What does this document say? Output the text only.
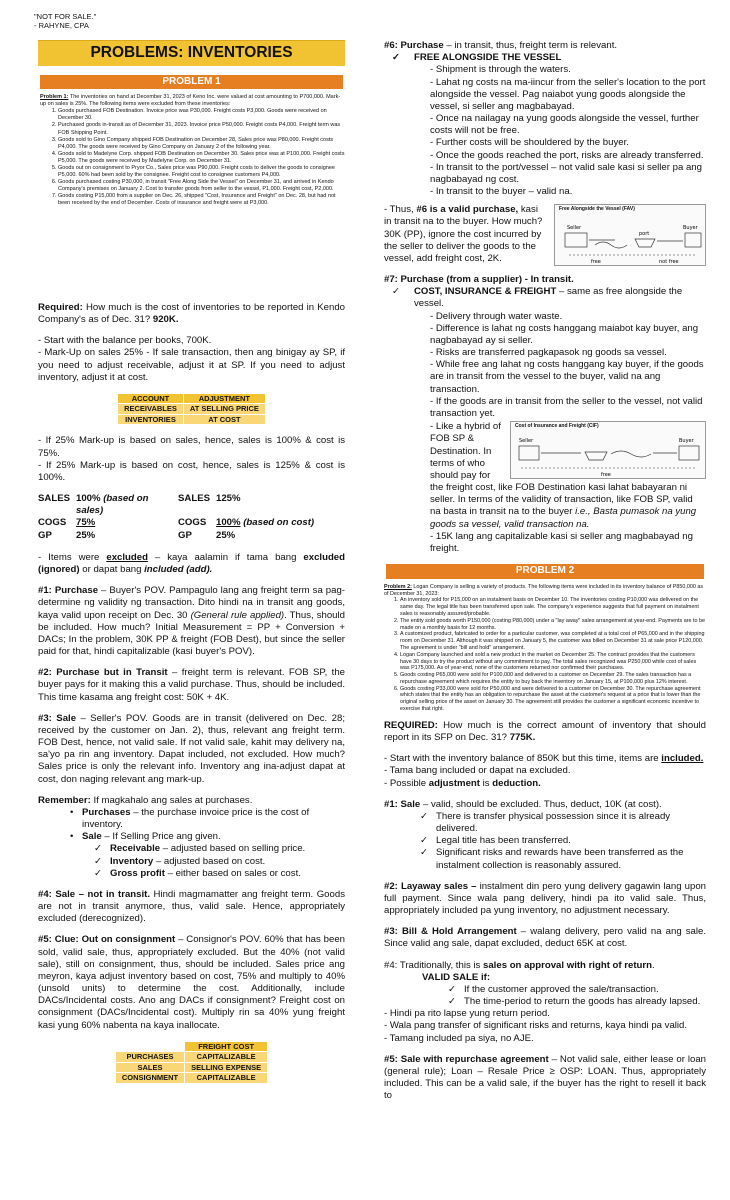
"NOT FOR SALE."
- RAHYNE, CPA
PROBLEMS: INVENTORIES
PROBLEM 1
Problem 1: The inventories on hand at December 31, 2023 of Keno Inc. were valued at cost amounting to P700,000. Mark-up on sales is 25%. The following items were excluded from these inventories:
1. Goods purchased FOB Destination. Invoice price was P30,000. Freight costs P3,000. Goods were received on December 30.
2. Purchased goods in-transit as of December 31, 2023. Invoice price P50,000. Freight costs P4,000. Freight term was FOB Shipping Point.
3. Goods sold to Gino Company shipped FOB Destination on December 28, Sales price was P80,000. Freight costs P4,000. The goods were received by Gino Company on January 2 of the following year.
4. Goods sold to Madelyne Corp. shipped FOB Destination on December 30. Sales price was at P100,000. Freight costs P5,000. The goods were received by Madelyne Corp. on December 31.
5. Goods out on consignment to Pryor Co., Sales price was P90,000. Freight costs to deliver the goods to consignee P5,000. 60% had been sold by the consignee. Freight cost to consignee customers P4,000.
6. Goods purchased costing P30,000, in transit "Free Along Side the Vessel" on December 31, and arrived in Kendo Company's premises on January 2. Cost to transfer goods from seller to the vessel, P1,000. Freight cost, P2,000.
7. Goods costing P15,000 from a supplier on Dec. 26, shipped "Cost, Insurance and Freight" on Dec. 28, but had not been received by the end of December. Costs of insurance and freight were at P3,000.

Required: How much is the cost of inventories to be reported in Kendo Company's as of Dec. 31? 920K.

- Start with the balance per books, 700K.

- Mark-Up on sales 25% - If sale transaction, then ang binigay ay SP, if you need to adjust receivable, adjust it at SP. If you need to adjust inventory, adjust it at cost.

ACCOUNT	ADJUSTMENT
RECEIVABLES	AT SELLING PRICE
INVENTORIES	AT COST

- If 25% Mark-up is based on sales, hence, sales is 100% & cost is 75%.

- If 25% Mark-up is based on cost, hence, sales is 125% & cost is 100%.

SALES	100% (based on sales)	SALES	125%
COGS	75%	COGS	100% (based on cost)
GP	25%	GP	25%

- Items were excluded – kaya aalamin if tama bang excluded (ignored) or dapat bang included (add).

#1: Purchase – Buyer's POV. Pampagulo lang ang freight term sa pag-determine ng validity ng transaction. Dito hindi na in transit ang goods, kaya valid upon receipt on Dec. 30 (General rule applied). Thus, should be included. How much? Initial Measurement = PP + Conversion + DACs; In the problem, 30K PP & freight (FOB Dest), but since the seller paid for that, hindi capitalizable (kasi buyer's POV).

#2: Purchase but in Transit – freight term is relevant. FOB SP, the buyer pays for it making this a valid purchase. Thus, should be included. This time kasama ang freight cost: 50K + 4K.

#3: Sale – Seller's POV. Goods are in transit (delivered on Dec. 28; received by the customer on Jan. 2), thus, relevant ang freight term. FOB Dest, hence, not valid sale. If not valid sale, kahit may delivery na, sa'yo pa rin ang inventory. Dapat included, not excluded. How much? Sales price is only the relevant info. Inventory ang ina-adjust dapat at cost, don naging relevant ang mark-up.

Remember: If magkahalo ang sales at purchases.

• Purchases – the purchase invoice price is the cost of inventory.
• Sale – If Selling Price ang given.
✓ Receivable – adjusted based on selling price.
✓ Inventory – adjusted based on cost.
✓ Gross profit – either based on sales or cost.

#4: Sale – not in transit. Hindi magmamatter ang freight term. Goods are not in transit anymore, thus, valid sale. Hence, appropriately excluded (derecognized).

#5: Clue: Out on consignment – Consignor's POV. 60% that has been sold, valid sale, thus, appropriately excluded. But the 40% (not valid sale), still on consignment, thus, should be included. Sales price ang meyron, kaya adjust inventory based on cost, 75% and multiply to 40% (unsold units) to determine the cost. Additionally, include DACs/Incidental costs. Ano ang DACs if consignment? Freight cost on consignment (DACs/Incidental cost). Multiply rin sa 40% yung freight kasi yung 60% nabenta na kaya inallocate.

	FREIGHT COST
PURCHASES	CAPITALIZABLE
SALES	SELLING EXPENSE
CONSIGNMENT	CAPITALIZABLE
#6: Purchase – in transit, thus, freight term is relevant.
✓ FREE ALONGSIDE THE VESSEL
- Shipment is through the waters.
- Lahat ng costs na ma-iincur from the seller's location to the port alongside the vessel. Pag naiabot yung goods alongside the vessel, si seller ang magbabayad.
- Once na nailagay na yung goods alongside the vessel, further costs will not be free.
- Further costs will be shouldered by the buyer.
- Once the goods reached the port, risks are already transferred.
- In transit to the port/vessel – not valid sale kasi si seller pa ang nagbabayad ng cost.
- In transit to the buyer – valid na.
Free Alongside the Vessel (FAV)
Seller
port
Buyer
free	not free
- Thus, #6 is a valid purchase, kasi in transit na to the buyer. How much? 30K (PP), ignore the cost incurred by the seller to deliver the goods to the vessel, add freight cost, 2K.
#7: Purchase (from a supplier) - In transit.
✓ COST, INSURANCE & FREIGHT – same as free alongside the vessel.
- Delivery through water waste.
- Difference is lahat ng costs hanggang maiabot kay buyer, ang nagbabayad ay si seller.
- Risks are transferred pagkapasok ng goods sa vessel.
- While free ang lahat ng costs hanggang kay buyer, if the goods are in transit from the vessel to the buyer, valid na ang transaction.
- If the goods are in transit from the seller to the vessel, not valid transaction yet.
Cost of Insurance and Freight (CIF)
Seller	Buyer
free
- Like a hybrid of FOB SP & Destination. In terms of who should pay for the freight cost, like FOB Destination kasi lahat babayaran ni seller. In terms of the validity of transaction, like FOB SP, valid na basta in transit na to the buyer i.e., Basta pumasok na yung goods sa vessel, valid transaction na.
- 15K lang ang capitalizable kasi si seller ang magbabayad ng freight.
PROBLEM 2
Problem 2: Logan Company is selling a variety of products. The following items were included in its inventory balance of P850,000 as of December 31, 2023:
1. An inventory sold for P15,000 on an instalment basis on December 10. The inventories costing P10,000 was delivered on the same day. The legal title has been transferred upon sale. The company's experience suggests that full payment on instalment sales is reasonably assured/probable.
2. The entity sold goods worth P150,000 (costing P80,000) under a "lay away" sales arrangement at year-end. Payments are to be made on a monthly basis for 12 months.
3. A customized product, fabricated to order for a particular customer, was completed at a total cost of P65,000 and in the shipping room on December 31. Although it was shipped on January 5, the customer was billed on December 31 at sale price P120,000. The agreement is under "bill and hold" arrangement.
4. Logan Company launched and sold a new product in the market on December 25. The contract provides that the customers have 30 days to try the product without any commitment to pay. The total sales recognized was P250,000 while cost of sales was P175,000. As of year-end, none of the customers returned nor confirmed their purchases.
5. Goods costing P65,000 were sold for P100,000 and delivered to a customer on December 29. The sales transaction has a repurchase agreement which requires the entity to buy back the inventory on January 15, at P100,000 plus 12% interest.
6. Goods costing P33,000 were sold for P50,000 and were delivered to a customer on December 30. The repurchase agreement which states that the entity has an obligation to repurchase the asset at the customer's request at a price that is lower than the original selling price of the asset on January 30. The agreement still provides the customer a significant economic incentive to exercise that right.

REQUIRED: How much is the correct amount of inventory that should report in its SFP on Dec. 31? 775K.

- Start with the inventory balance of 850K but this time, items are included.
- Tama bang included or dapat na excluded.

- Possible adjustment is deduction.

#1: Sale – valid, should be excluded. Thus, deduct, 10K (at cost).
✓ There is transfer physical possession since it is already delivered.
✓ Legal title has been transferred.
✓ Significant risks and rewards have been transferred as the instalment collection is reasonably assured.

#2: Layaway sales – instalment din pero yung delivery gagawin lang upon full payment. Since wala pang delivery, hindi pa ito valid sale. Thus, appropriately included pa yung inventory, no adjustment necessary.

#3: Bill & Hold Arrangement – walang delivery, pero valid na ang sale. Since valid ang sale, dapat excluded, deduct 65K at cost.

#4: Traditionally, this is sales on approval with right of return.
VALID SALE if:
✓ If the customer approved the sale/transaction.
✓ The time-period to return the goods has already lapsed.
- Hindi pa rito lapse yung return period.
- Wala pang transfer of significant risks and returns, kaya hindi pa valid.
- Tamang included pa siya, no AJE.

#5: Sale with repurchase agreement – Not valid sale, either lease or loan (general rule); Loan – Resale Price ≥ OSP: LOAN. Thus, appropriately included. This can be a valid sale, if the buyer has the right to resell it back to
